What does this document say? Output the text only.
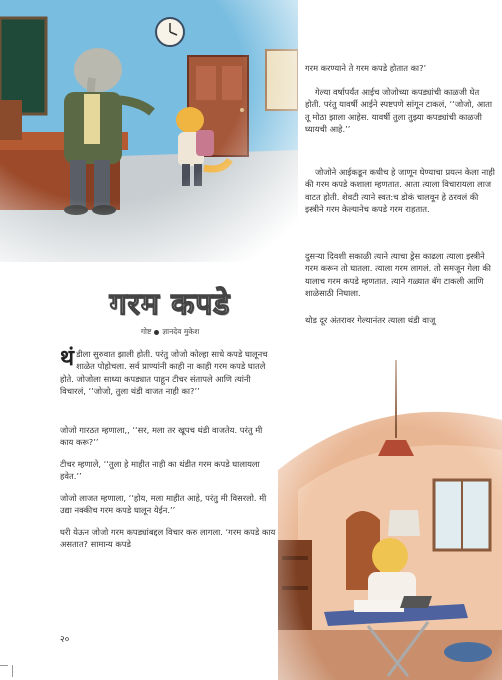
गरम कपडे
गोष्ट ज्ञानदेव मुकेश

थंडीला सुरुवात झाली होती. परंतु जोजो कोल्हा साधे कपडे घालूनच शाळेत पोहोचला. सर्व प्राण्यांनी काही ना काही गरम कपडे घातले होते. जोजोला साध्या कपड्यात पाहून टीचर संतापले आणि त्यांनी विचारलं, ‘‘जोजो, तुला थंडी वाजत नाही का?’’

जोजो गारठत म्हणाला,, ‘‘सर, मला तर खूपच थंडी वाजतेय. परंतु मी काय करू?’’

टीचर म्हणाले, ‘‘तुला हे माहीत नाही का थंडीत गरम कपडे घालायला हवेत.’’

जोजो लाजत म्हणाला, ‘‘होय, मला माहीत आहे, परंतु मी विसरलो. मी उद्या नक्कीच गरम कपडे घालून येईन.’’

घरी येऊन जोजो गरम कपड्यांबद्दल विचार करु लागला. ‘गरम कपडे काय असतात? सामान्य कपडे

गरम करण्याने ते गरम कपडे होतात का?’

गेल्या वर्षापर्यंत आईच जोजोच्या कपड्यांची काळजी घेत होती. परंतु यावर्षी आईने स्पष्टपणे सांगून टाकलं, ‘‘जोजो, आता तू मोठा झाला आहेस. यावर्षी तुला तुझ्या कपड्यांची काळजी घ्यायची आहे.’’

जोजोने आईकडून कधीच हे जाणून घेण्याचा प्रयत्न केला नाही की गरम कपडे कशाला म्हणतात. आता त्याला विचारायला लाज वाटत होती. शेवटी त्याने स्वत:च डोकं चालवून हे ठरवलं की इस्त्रीने गरम केल्यानेच कपडे गरम राहतात.

दुसऱ्या दिवशी सकाळी त्याने त्याचा ड्रेस काढला त्याला इस्त्रीने गरम करून तो घातला. त्याला गरम लागलं. तो समजून गेला की यालाच गरम कपडे म्हणतात. त्याने गळ्यात बॅग टाकली आणि शाळेसाठी निघाला.

थोड दूर अंतरावर गेल्यानंतर त्याला थंडी वाजू

२०
